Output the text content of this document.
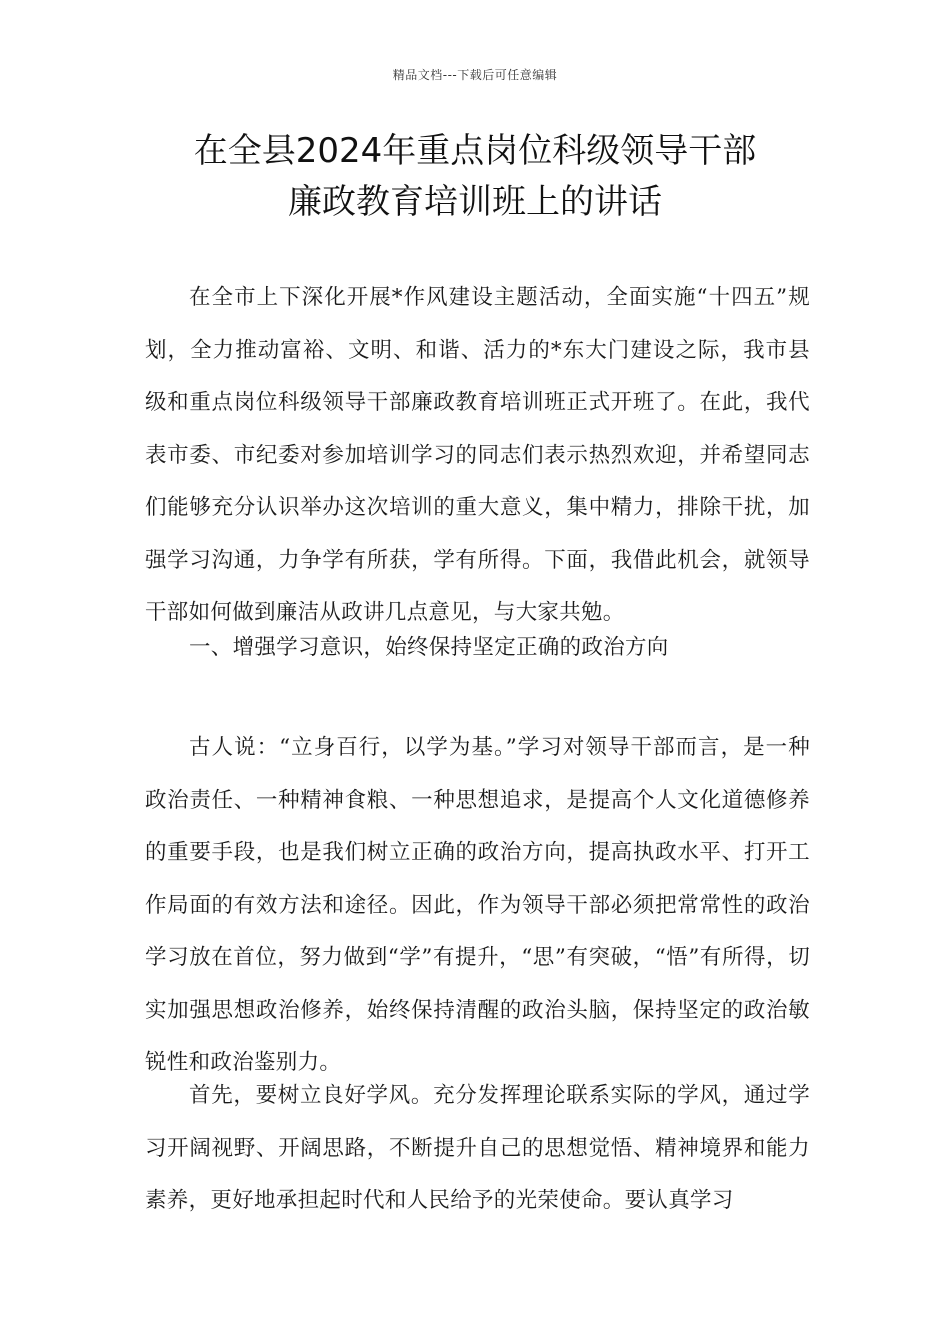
精品文档---下载后可任意编辑
在全县2024年重点岗位科级领导干部
廉政教育培训班上的讲话

在全市上下深化开展*作风建设主题活动，全面实施“十四五”规划，全力推动富裕、文明、和谐、活力的*东大门建设之际，我市县级和重点岗位科级领导干部廉政教育培训班正式开班了。在此，我代表市委、市纪委对参加培训学习的同志们表示热烈欢迎，并希望同志们能够充分认识举办这次培训的重大意义，集中精力，排除干扰，加强学习沟通，力争学有所获，学有所得。下面，我借此机会，就领导干部如何做到廉洁从政讲几点意见，与大家共勉。

一、增强学习意识，始终保持坚定正确的政治方向

古人说：“立身百行，以学为基。”学习对领导干部而言，是一种政治责任、一种精神食粮、一种思想追求，是提高个人文化道德修养的重要手段，也是我们树立正确的政治方向，提高执政水平、打开工作局面的有效方法和途径。因此，作为领导干部必须把常常性的政治学习放在首位，努力做到“学”有提升，“思”有突破，“悟”有所得，切实加强思想政治修养，始终保持清醒的政治头脑，保持坚定的政治敏锐性和政治鉴别力。

首先，要树立良好学风。充分发挥理论联系实际的学风，通过学习开阔视野、开阔思路，不断提升自己的思想觉悟、精神境界和能力素养，更好地承担起时代和人民给予的光荣使命。要认真学习
